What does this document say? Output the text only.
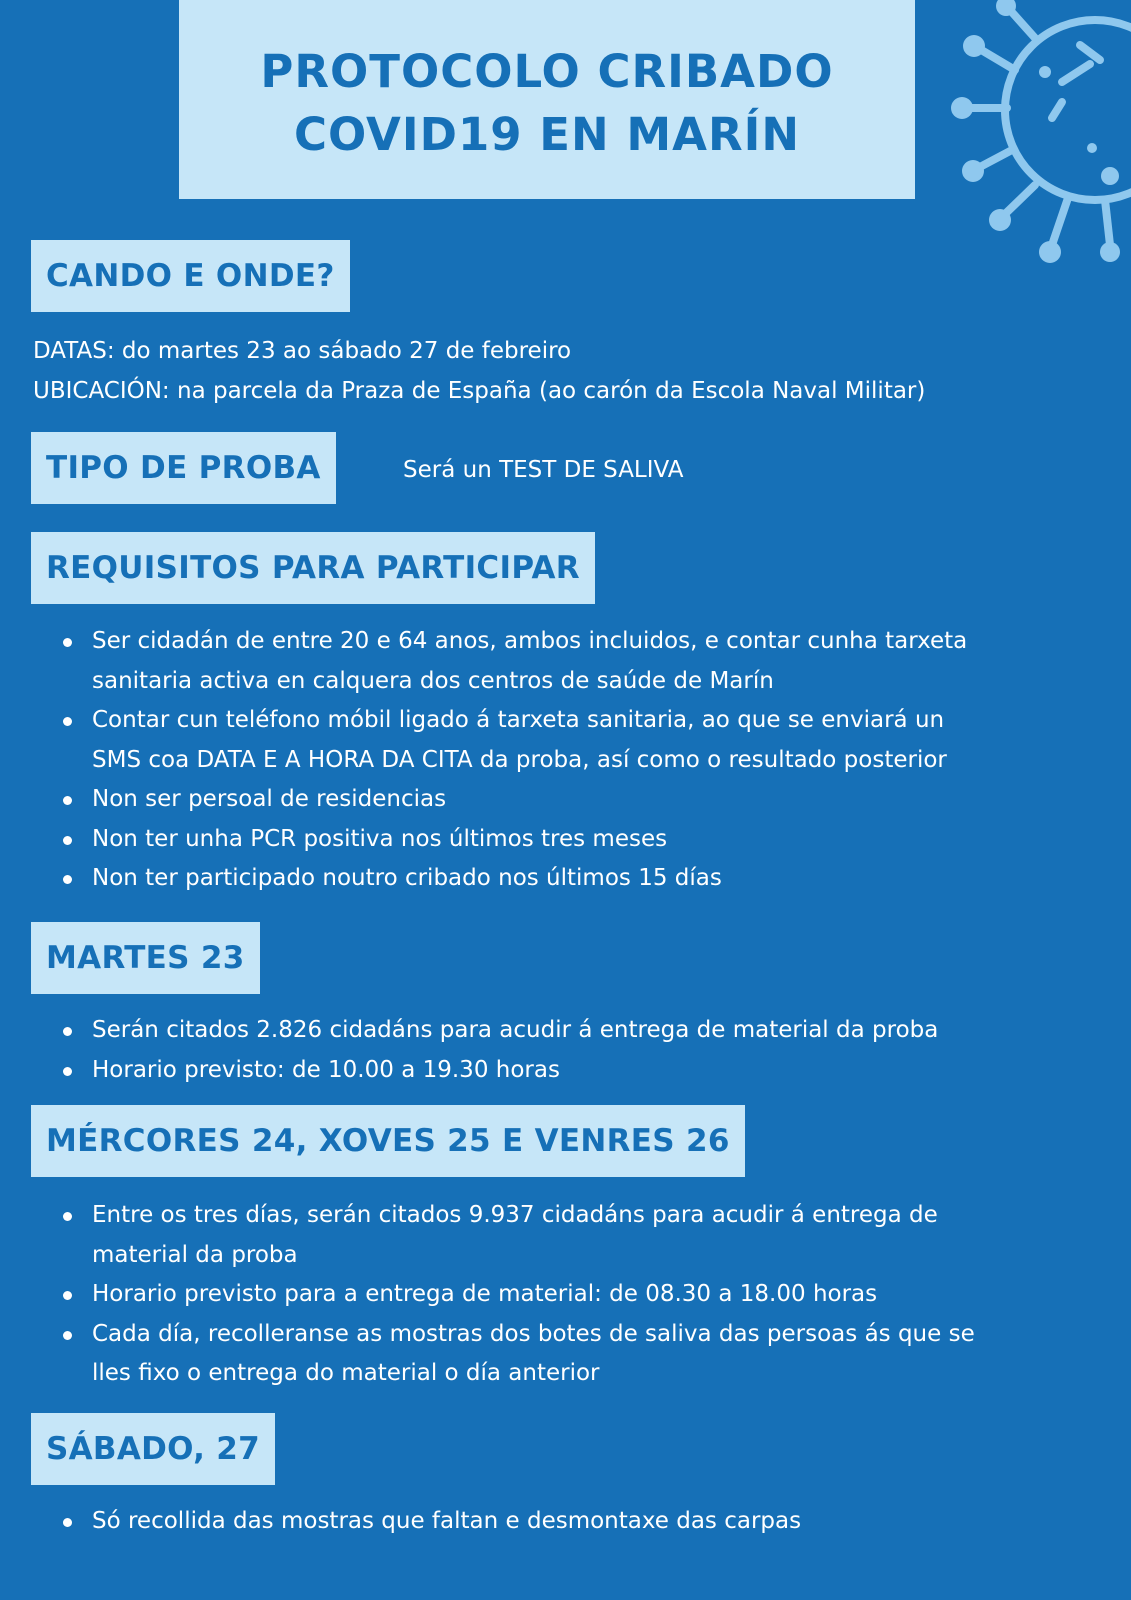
PROTOCOLO CRIBADO
COVID19 EN MARÍN
CANDO E ONDE?
DATAS: do martes 23 ao sábado 27 de febreiro
UBICACIÓN: na parcela da Praza de España (ao carón da Escola Naval Militar)
TIPO DE PROBA	Será un TEST DE SALIVA
REQUISITOS PARA PARTICIPAR
Ser cidadán de entre 20 e 64 anos, ambos incluidos, e contar cunha tarxeta
sanitaria activa en calquera dos centros de saúde de Marín
Contar cun teléfono móbil ligado á tarxeta sanitaria, ao que se enviará un
SMS coa DATA E A HORA DA CITA da proba, así como o resultado posterior
Non ser persoal de residencias
Non ter unha PCR positiva nos últimos tres meses
Non ter participado noutro cribado nos últimos 15 días
MARTES 23
Serán citados 2.826 cidadáns para acudir á entrega de material da proba
Horario previsto: de 10.00 a 19.30 horas
MÉRCORES 24, XOVES 25 E VENRES 26
Entre os tres días, serán citados 9.937 cidadáns para acudir á entrega de
material da proba
Horario previsto para a entrega de material: de 08.30 a 18.00 horas
Cada día, recolleranse as mostras dos botes de saliva das persoas ás que se
lles fixo o entrega do material o día anterior
SÁBADO, 27
Só recollida das mostras que faltan e desmontaxe das carpas
